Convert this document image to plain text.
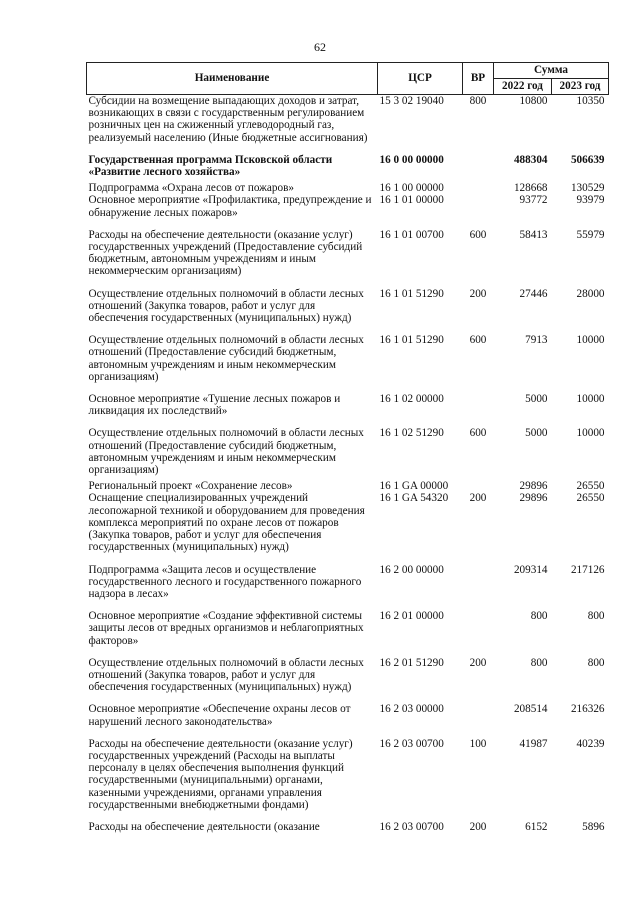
62
Наименование	ЦСР	ВР	Сумма	
			2022 год	2023 год
Субсидии на возмещение выпадающих доходов и затрат, возникающих в связи с государственным регулированием розничных цен на сжиженный углеводородный газ, реализуемый населению (Иные бюджетные ассигнования)	15 3 02 19040	800	10800	10350
Государственная программа Псковской области «Развитие лесного хозяйства»	16 0 00 00000		488304	506639
Подпрограмма «Охрана лесов от пожаров»	16 1 00 00000		128668	130529
Основное мероприятие «Профилактика, предупреждение и обнаружение лесных пожаров»	16 1 01 00000		93772	93979
Расходы на обеспечение деятельности (оказание услуг) государственных учреждений (Предоставление субсидий бюджетным, автономным учреждениям и иным некоммерческим организациям)	16 1 01 00700	600	58413	55979
Осуществление отдельных полномочий в области лесных отношений (Закупка товаров, работ и услуг для обеспечения государственных (муниципальных) нужд)	16 1 01 51290	200	27446	28000
Осуществление отдельных полномочий в области лесных отношений (Предоставление субсидий бюджетным, автономным учреждениям и иным некоммерческим организациям)	16 1 01 51290	600	7913	10000
Основное мероприятие «Тушение лесных пожаров и ликвидация их последствий»	16 1 02 00000		5000	10000
Осуществление отдельных полномочий в области лесных отношений (Предоставление субсидий бюджетным, автономным учреждениям и иным некоммерческим организациям)	16 1 02 51290	600	5000	10000
Региональный проект «Сохранение лесов»	16 1 GA 00000		29896	26550
Оснащение специализированных учреждений лесопожарной техникой и оборудованием для проведения комплекса мероприятий по охране лесов от пожаров (Закупка товаров, работ и услуг для обеспечения государственных (муниципальных) нужд)	16 1 GA 54320	200	29896	26550
Подпрограмма «Защита лесов и осуществление государственного лесного и государственного пожарного надзора в лесах»	16 2 00 00000		209314	217126
Основное мероприятие «Создание эффективной системы защиты лесов от вредных организмов и неблагоприятных факторов»	16 2 01 00000		800	800
Осуществление отдельных полномочий в области лесных отношений (Закупка товаров, работ и услуг для обеспечения государственных (муниципальных) нужд)	16 2 01 51290	200	800	800
Основное мероприятие «Обеспечение охраны лесов от нарушений лесного законодательства»	16 2 03 00000		208514	216326
Расходы на обеспечение деятельности (оказание услуг) государственных учреждений (Расходы на выплаты персоналу в целях обеспечения выполнения функций государственными (муниципальными) органами, казенными учреждениями, органами управления государственными внебюджетными фондами)	16 2 03 00700	100	41987	40239
Расходы на обеспечение деятельности (оказание	16 2 03 00700	200	6152	5896
